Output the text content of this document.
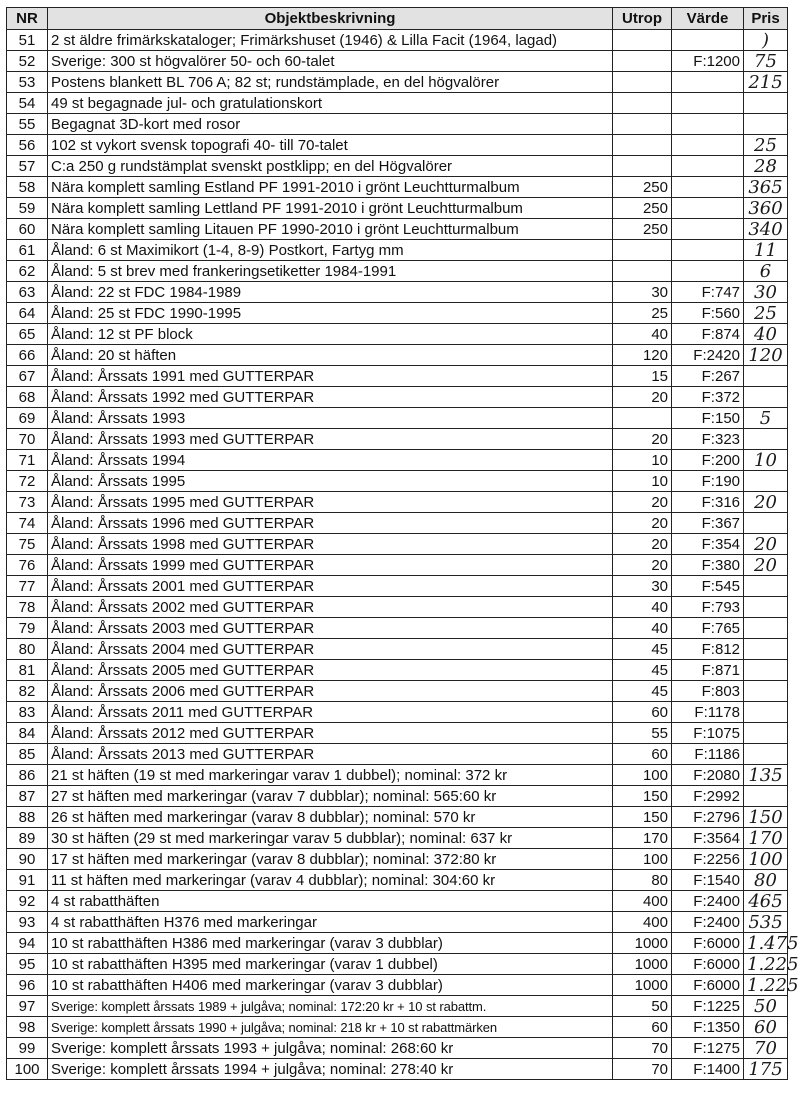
NR	Objektbeskrivning	Utrop	Värde	Pris
51	2 st äldre frimärkskataloger; Frimärkshuset (1946) & Lilla Facit (1964, lagad)			)
52	Sverige: 300 st högvalörer 50- och 60-talet		F:1200	75
53	Postens blankett BL 706 A; 82 st; rundstämplade, en del högvalörer			215
54	49 st begagnade jul- och gratulationskort			
55	Begagnat 3D-kort med rosor			
56	102 st vykort svensk topografi 40- till 70-talet			25
57	C:a 250 g rundstämplat svenskt postklipp; en del Högvalörer			28
58	Nära komplett samling Estland PF 1991-2010 i grönt Leuchtturmalbum	250		365
59	Nära komplett samling Lettland PF 1991-2010 i grönt Leuchtturmalbum	250		360
60	Nära komplett samling Litauen PF 1990-2010 i grönt Leuchtturmalbum	250		340
61	Åland: 6 st Maximikort (1-4, 8-9) Postkort, Fartyg mm			11
62	Åland: 5 st brev med frankeringsetiketter 1984-1991			6
63	Åland: 22 st FDC 1984-1989	30	F:747	30
64	Åland: 25 st FDC 1990-1995	25	F:560	25
65	Åland: 12 st PF block	40	F:874	40
66	Åland: 20 st häften	120	F:2420	120
67	Åland: Årssats 1991 med GUTTERPAR	15	F:267	
68	Åland: Årssats 1992 med GUTTERPAR	20	F:372	
69	Åland: Årssats 1993		F:150	5
70	Åland: Årssats 1993 med GUTTERPAR	20	F:323	
71	Åland: Årssats 1994	10	F:200	10
72	Åland: Årssats 1995	10	F:190	
73	Åland: Årssats 1995 med GUTTERPAR	20	F:316	20
74	Åland: Årssats 1996 med GUTTERPAR	20	F:367	
75	Åland: Årssats 1998 med GUTTERPAR	20	F:354	20
76	Åland: Årssats 1999 med GUTTERPAR	20	F:380	20
77	Åland: Årssats 2001 med GUTTERPAR	30	F:545	
78	Åland: Årssats 2002 med GUTTERPAR	40	F:793	
79	Åland: Årssats 2003 med GUTTERPAR	40	F:765	
80	Åland: Årssats 2004 med GUTTERPAR	45	F:812	
81	Åland: Årssats 2005 med GUTTERPAR	45	F:871	
82	Åland: Årssats 2006 med GUTTERPAR	45	F:803	
83	Åland: Årssats 2011 med GUTTERPAR	60	F:1178	
84	Åland: Årssats 2012 med GUTTERPAR	55	F:1075	
85	Åland: Årssats 2013 med GUTTERPAR	60	F:1186	
86	21 st häften (19 st med markeringar varav 1 dubbel); nominal: 372 kr	100	F:2080	135
87	27 st häften med markeringar (varav 7 dubblar); nominal: 565:60 kr	150	F:2992	
88	26 st häften med markeringar (varav 8 dubblar); nominal: 570 kr	150	F:2796	150
89	30 st häften (29 st med markeringar varav 5 dubblar); nominal: 637 kr	170	F:3564	170
90	17 st häften med markeringar (varav 8 dubblar); nominal: 372:80 kr	100	F:2256	100
91	11 st häften med markeringar (varav 4 dubblar); nominal: 304:60 kr	80	F:1540	80
92	4 st rabatthäften	400	F:2400	465
93	4 st rabatthäften H376 med markeringar	400	F:2400	535
94	10 st rabatthäften H386 med markeringar (varav 3 dubblar)	1000	F:6000	1.475
95	10 st rabatthäften H395 med markeringar (varav 1 dubbel)	1000	F:6000	1.225
96	10 st rabatthäften H406 med markeringar (varav 3 dubblar)	1000	F:6000	1.225
97	Sverige: komplett årssats 1989 + julgåva; nominal: 172:20 kr + 10 st rabattm.	50	F:1225	50
98	Sverige: komplett årssats 1990 + julgåva; nominal: 218 kr + 10 st rabattmärken	60	F:1350	60
99	Sverige: komplett årssats 1993 + julgåva; nominal: 268:60 kr	70	F:1275	70
100	Sverige: komplett årssats 1994 + julgåva; nominal: 278:40 kr	70	F:1400	175
